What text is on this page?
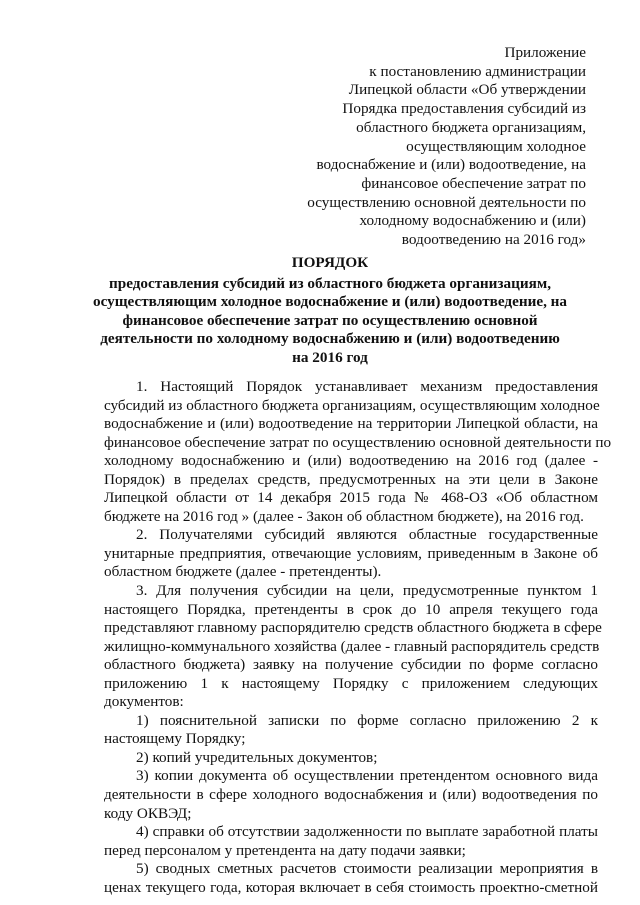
Приложение
к постановлению администрации
Липецкой области «Об утверждении
Порядка предоставления субсидий из
областного бюджета организациям,
осуществляющим холодное
водоснабжение и (или) водоотведение, на
финансовое обеспечение затрат по
осуществлению основной деятельности по
холодному водоснабжению и (или)
водоотведению на 2016 год»
ПОРЯДОК
предоставления субсидий из областного бюджета организациям,
осуществляющим холодное водоснабжение и (или) водоотведение, на
финансовое обеспечение затрат по осуществлению основной
деятельности по холодному водоснабжению и (или) водоотведению
на 2016 год
1. Настоящий Порядок устанавливает механизм предоставления
субсидий из областного бюджета организациям, осуществляющим холодное
водоснабжение и (или) водоотведение на территории Липецкой области, на
финансовое обеспечение затрат по осуществлению основной деятельности по
холодному водоснабжению и (или) водоотведению на 2016 год (далее -
Порядок) в пределах средств, предусмотренных на эти цели в Законе
Липецкой области от 14 декабря 2015 года № 468-ОЗ «Об областном
бюджете на 2016 год » (далее - Закон об областном бюджете), на 2016 год.
2. Получателями субсидий являются областные государственные
унитарные предприятия, отвечающие условиям, приведенным в Законе об
областном бюджете (далее - претенденты).
3. Для получения субсидии на цели, предусмотренные пунктом 1
настоящего Порядка, претенденты в срок до 10 апреля текущего года
представляют главному распорядителю средств областного бюджета в сфере
жилищно-коммунального хозяйства (далее - главный распорядитель средств
областного бюджета) заявку на получение субсидии по форме согласно
приложению 1 к настоящему Порядку с приложением следующих
документов:
1) пояснительной записки по форме согласно приложению 2 к
настоящему Порядку;
2) копий учредительных документов;
3) копии документа об осуществлении претендентом основного вида
деятельности в сфере холодного водоснабжения и (или) водоотведения по
коду ОКВЭД;
4) справки об отсутствии задолженности по выплате заработной платы
перед персоналом у претендента на дату подачи заявки;
5) сводных сметных расчетов стоимости реализации мероприятия в
ценах текущего года, которая включает в себя стоимость проектно-сметной
